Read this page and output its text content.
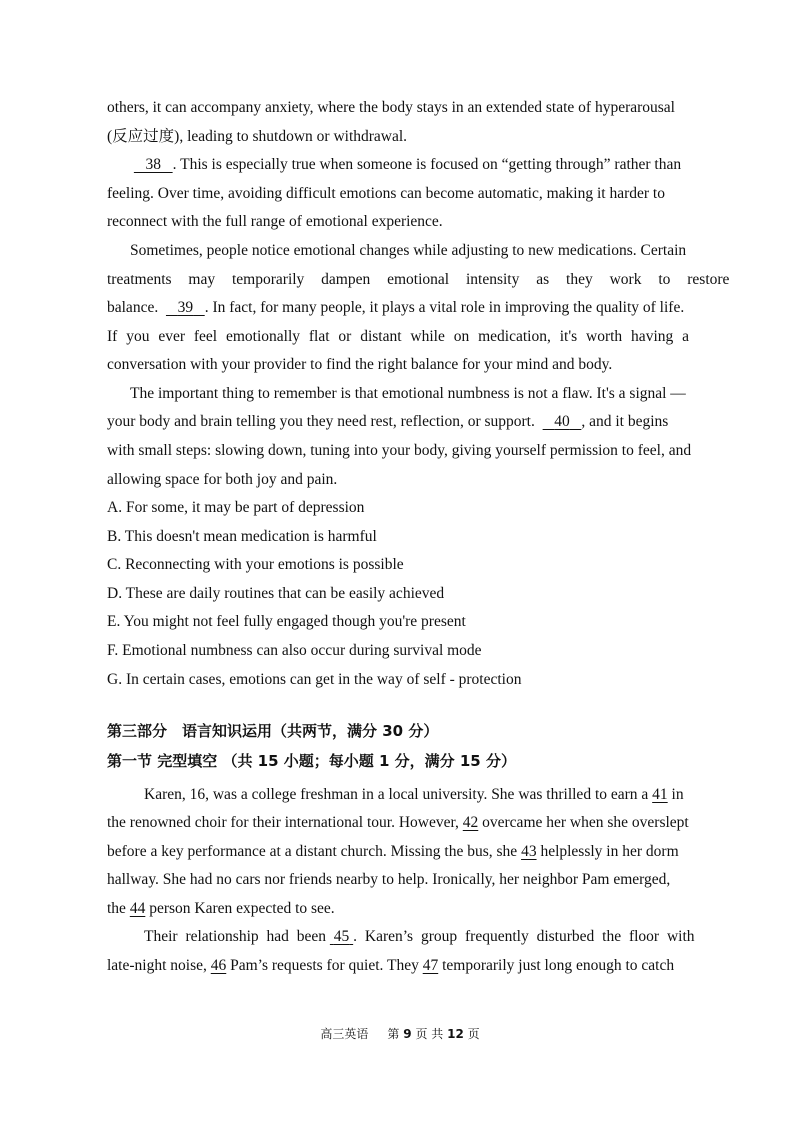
others, it can accompany anxiety, where the body stays in an extended state of hyperarousal
(反应过度), leading to shutdown or withdrawal.
38 . This is especially true when someone is focused on “getting through” rather than
feeling. Over time, avoiding difficult emotions can become automatic, making it harder to
reconnect with the full range of emotional experience.
Sometimes, people notice emotional changes while adjusting to new medications. Certain
treatments may temporarily dampen emotional intensity as they work to restore
balance. 39 . In fact, for many people, it plays a vital role in improving the quality of life.
If you ever feel emotionally flat or distant while on medication, it's worth having a
conversation with your provider to find the right balance for your mind and body.
The important thing to remember is that emotional numbness is not a flaw. It's a signal —
your body and brain telling you they need rest, reflection, or support. 40 , and it begins
with small steps: slowing down, tuning into your body, giving yourself permission to feel, and
allowing space for both joy and pain.
A. For some, it may be part of depression
B. This doesn't mean medication is harmful
C. Reconnecting with your emotions is possible
D. These are daily routines that can be easily achieved
E. You might not feel fully engaged though you're present
F. Emotional numbness can also occur during survival mode
G. In certain cases, emotions can get in the way of self - protection
第三部分　语言知识运用（共两节，满分 30 分）
第一节 完型填空 （共 15 小题；每小题 1 分，满分 15 分）
Karen, 16, was a college freshman in a local university. She was thrilled to earn a 41 in
the renowned choir for their international tour. However, 42 overcame her when she overslept
before a key performance at a distant church. Missing the bus, she 43 helplessly in her dorm
hallway. She had no cars nor friends nearby to help. Ironically, her neighbor Pam emerged,
the 44 person Karen expected to see.
Their relationship had been 45 . Karen’s group frequently disturbed the floor with
late-night noise, 46 Pam’s requests for quiet. They 47 temporarily just long enough to catch
高三英语 第 9 页 共 12 页
